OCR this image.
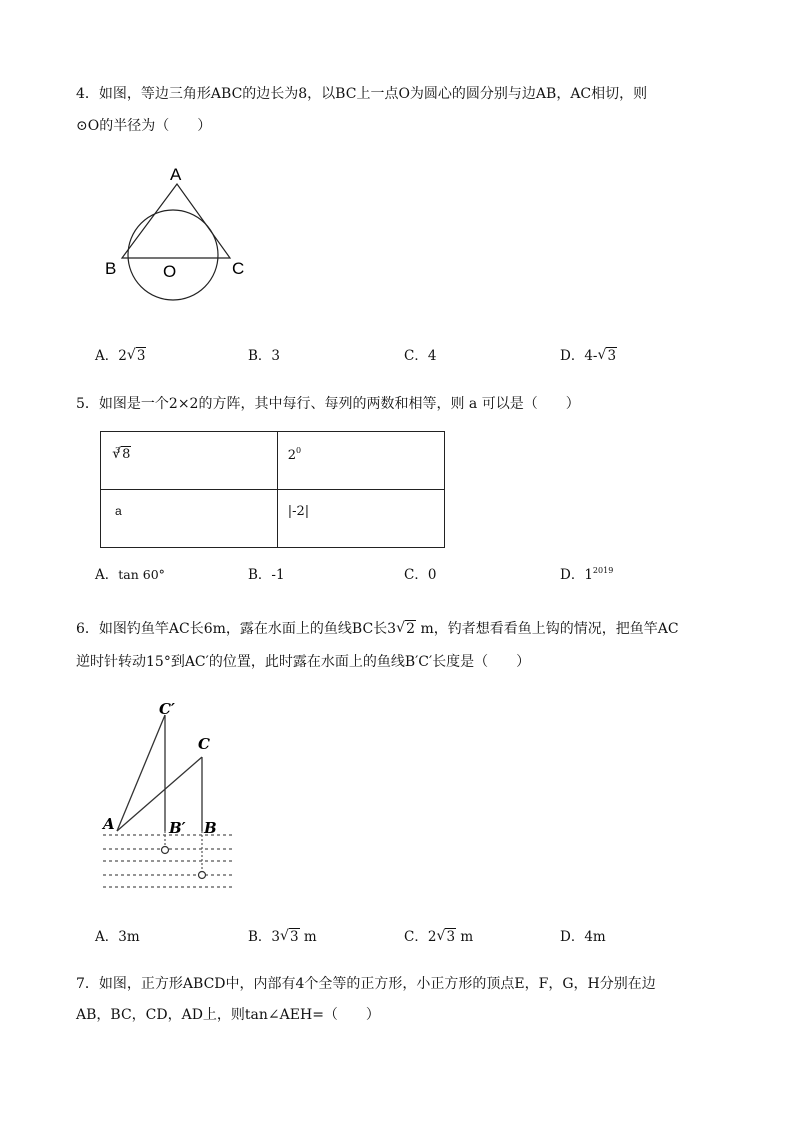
4．如图，等边三角形ABC的边长为8，以BC上一点O为圆心的圆分别与边AB，AC相切，则
⊙O的半径为（　　）
A
B	C
O
A．2 √ 3	B．3	C．4	D．4- √ 3
5．如图是一个2×2的方阵，其中每行、每列的两数和相等，则 a 可以是（　　）
$^3$ √ 8	$2^0$
a	|-2|
A．tan 60°	B．-1	C．0	D．$1^{2019}$
6．如图钓鱼竿AC长6m，露在水面上的鱼线BC长3 √ 2 m，钓者想看看鱼上钩的情况，把鱼竿AC
逆时针转动15°到AC′的位置，此时露在水面上的鱼线B′C′长度是（　　）
A	B′ B
C′
C
A．3m	B．3 √ 3 m	C．2 √ 3 m	D．4m
7．如图，正方形ABCD中，内部有4个全等的正方形，小正方形的顶点E，F，G，H分别在边
AB，BC，CD，AD上，则tan∠AEH=（　　）
